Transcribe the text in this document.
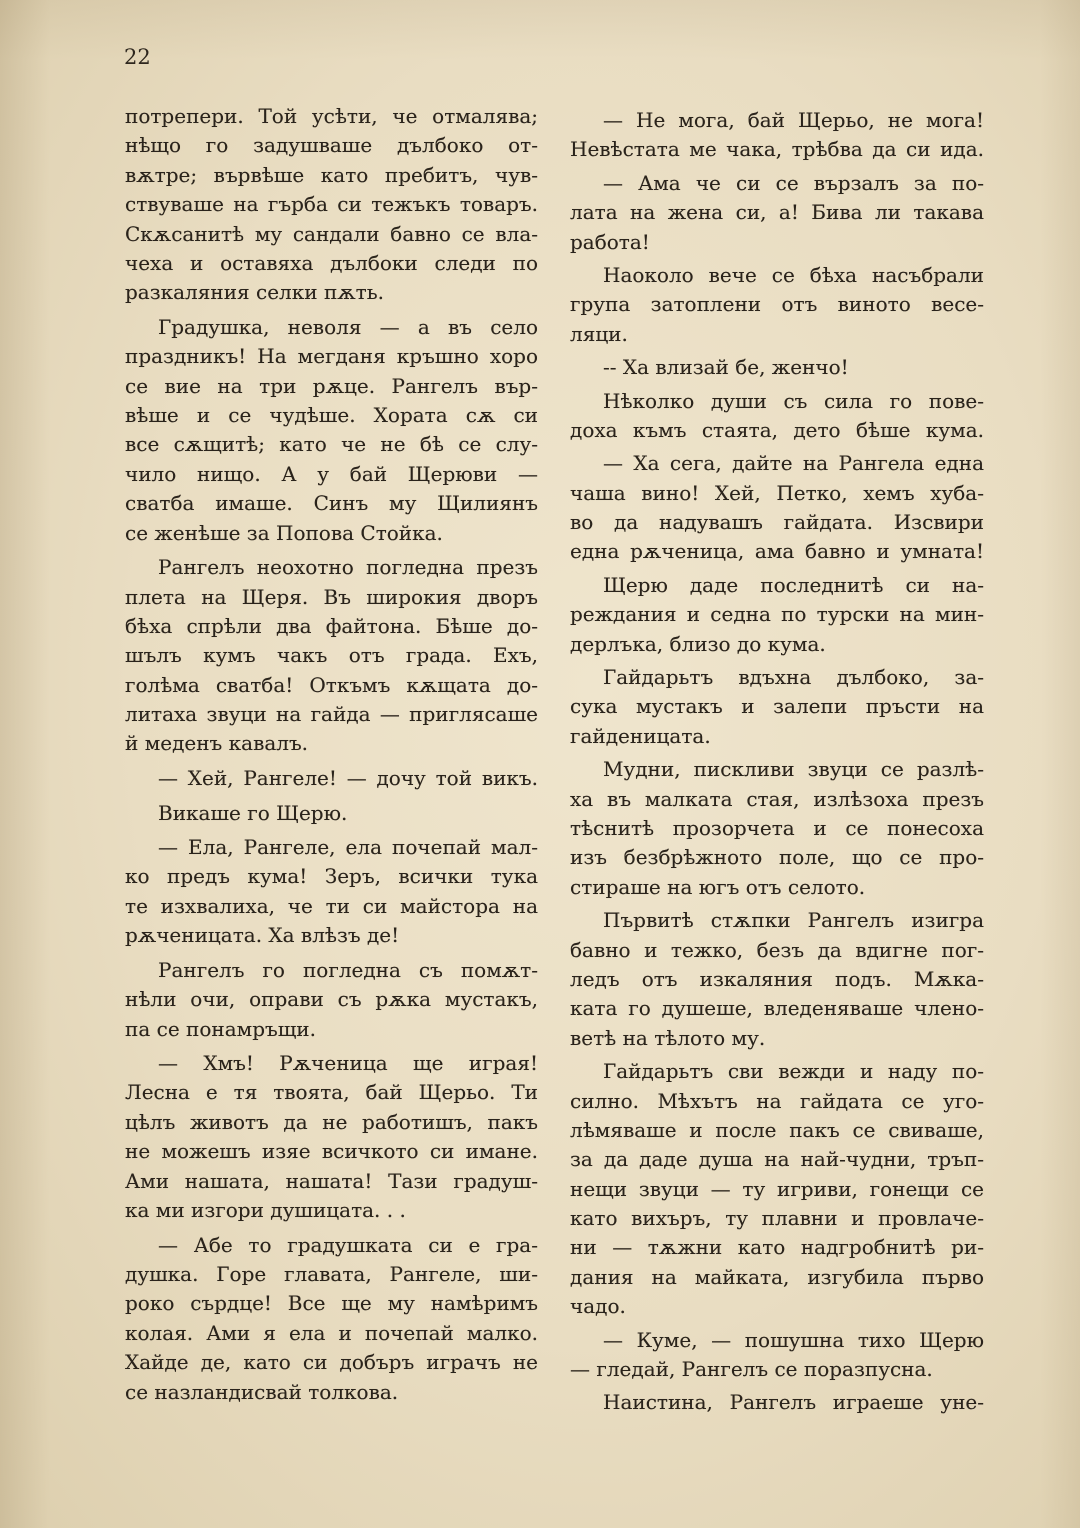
22
потрепери. Той усѣти, че отмалява;
нѣщо го задушваше дълбоко от-
вѫтре; вървѣше като пребитъ, чув-
ствуваше на гърба си тежъкъ товаръ.
Скѫсанитѣ му сандали бавно се вла-
чеха и оставяха дълбоки следи по
разкаляния селки пѫть.
Градушка, неволя — а въ село
праздникъ! На мегданя кръшно хоро
се вие на три рѫце. Рангелъ вър-
вѣше и се чудѣше. Хората сѫ си
все сѫщитѣ; като че не бѣ се слу-
чило нищо. А у бай Щерюви —
сватба имаше. Синъ му Щилиянъ
се женѣше за Попова Стойка.
Рангелъ неохотно погледна презъ
плета на Щеря. Въ широкия дворъ
бѣха спрѣли два файтона. Бѣше до-
шълъ кумъ чакъ отъ града. Ехъ,
голѣма сватба! Откъмъ кѫщата до-
литаха звуци на гайда — приглясаше
й меденъ кавалъ.
— Хей, Рангеле! — дочу той викъ.
Викаше го Щерю.
— Ела, Рангеле, ела почепай мал-
ко предъ кума! Зеръ, всички тука
те изхвалиха, че ти си майстора на
рѫченицата. Ха влѣзъ де!
Рангелъ го погледна съ помѫт-
нѣли очи, оправи съ рѫка мустакъ,
па се понамръщи.
— Хмъ! Рѫченица ще играя!
Лесна е тя твоята, бай Щерьо. Ти
цѣлъ животъ да не работишъ, пакъ
не можешъ изяе всичкото си имане.
Ами нашата, нашата! Тази градуш-
ка ми изгори душицата. . .
— Абе то градушката си е гра-
душка. Горе главата, Рангеле, ши-
роко сърдце! Все ще му намѣримъ
колая. Ами я ела и почепай малко.
Хайде де, като си добъръ играчъ не
се назландисвай толкова.
— Не мога, бай Щерьо, не мога!
Невѣстата ме чака, трѣбва да си ида.
— Ама че си се вързалъ за по-
лата на жена си, а! Бива ли такава
работа!
Наоколо вече се бѣха насъбрали
група затоплени отъ виното весе-
ляци.
-- Ха влизай бе, женчо!
Нѣколко души съ сила го пове-
доха къмъ стаята, дето бѣше кума.
— Ха сега, дайте на Рангела една
чаша вино! Хей, Петко, хемъ хуба-
во да надувашъ гайдата. Изсвири
една рѫченица, ама бавно и умната!
Щерю даде последнитѣ си на-
реждания и седна по турски на мин-
дерлъка, близо до кума.
Гайдарьтъ вдъхна дълбоко, за-
сука мустакъ и залепи пръсти на
гайденицата.
Мудни, пискливи звуци се разлѣ-
ха въ малката стая, излѣзоха презъ
тѣснитѣ прозорчета и се понесоха
изъ безбрѣжното поле, що се про-
стираше на югъ отъ селото.
Първитѣ стѫпки Рангелъ изигра
бавно и тежко, безъ да вдигне пог-
ледъ отъ изкаляния подъ. Мѫка-
ката го душеше, вледеняваше члено-
ветѣ на тѣлото му.
Гайдарьтъ сви вежди и наду по-
силно. Мѣхътъ на гайдата се уго-
лѣмяваше и после пакъ се свиваше,
за да даде душа на най-чудни, тръп-
нещи звуци — ту игриви, гонещи се
като вихъръ, ту плавни и провлаче-
ни — тѫжни като надгробнитѣ ри-
дания на майката, изгубила първо
чадо.
— Куме, — пошушна тихо Щерю
— гледай, Рангелъ се поразпусна.
Наистина, Рангелъ играеше уне-
